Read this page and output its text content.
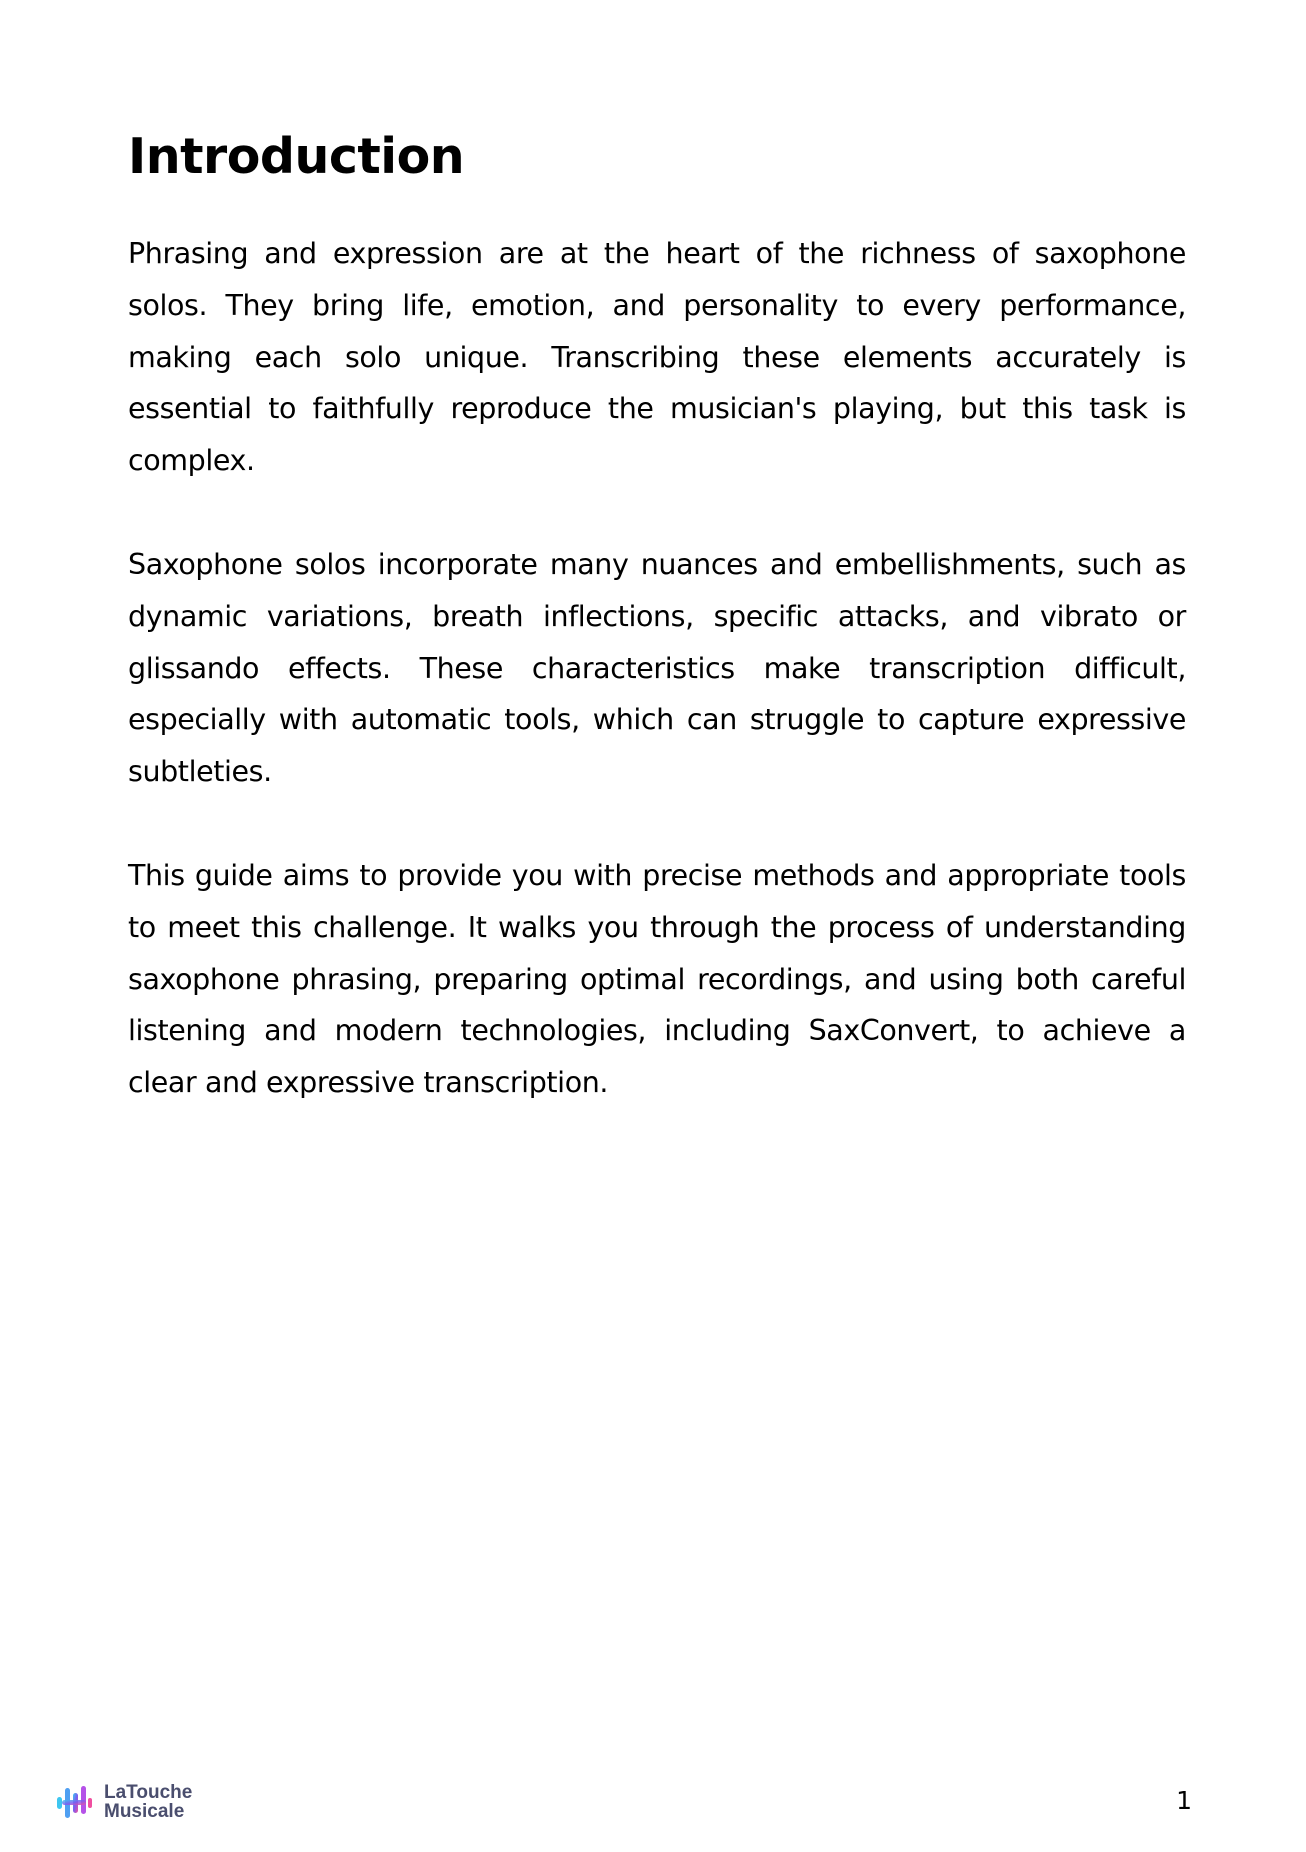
Introduction

Phrasing and expression are at the heart of the richness of saxophone solos. They bring life, emotion, and personality to every performance, making each solo unique. Transcribing these elements accurately is essential to faithfully reproduce the musician's playing, but this task is complex.

Saxophone solos incorporate many nuances and embellishments, such as dynamic variations, breath inflections, specific attacks, and vibrato or glissando effects. These characteristics make transcription difficult, especially with automatic tools, which can struggle to capture expressive subtleties.

This guide aims to provide you with precise methods and appropriate tools to meet this challenge. It walks you through the process of understanding saxophone phrasing, preparing optimal recordings, and using both careful listening and modern technologies, including SaxConvert, to achieve a clear and expressive transcription.

LaTouche
Musicale	1
